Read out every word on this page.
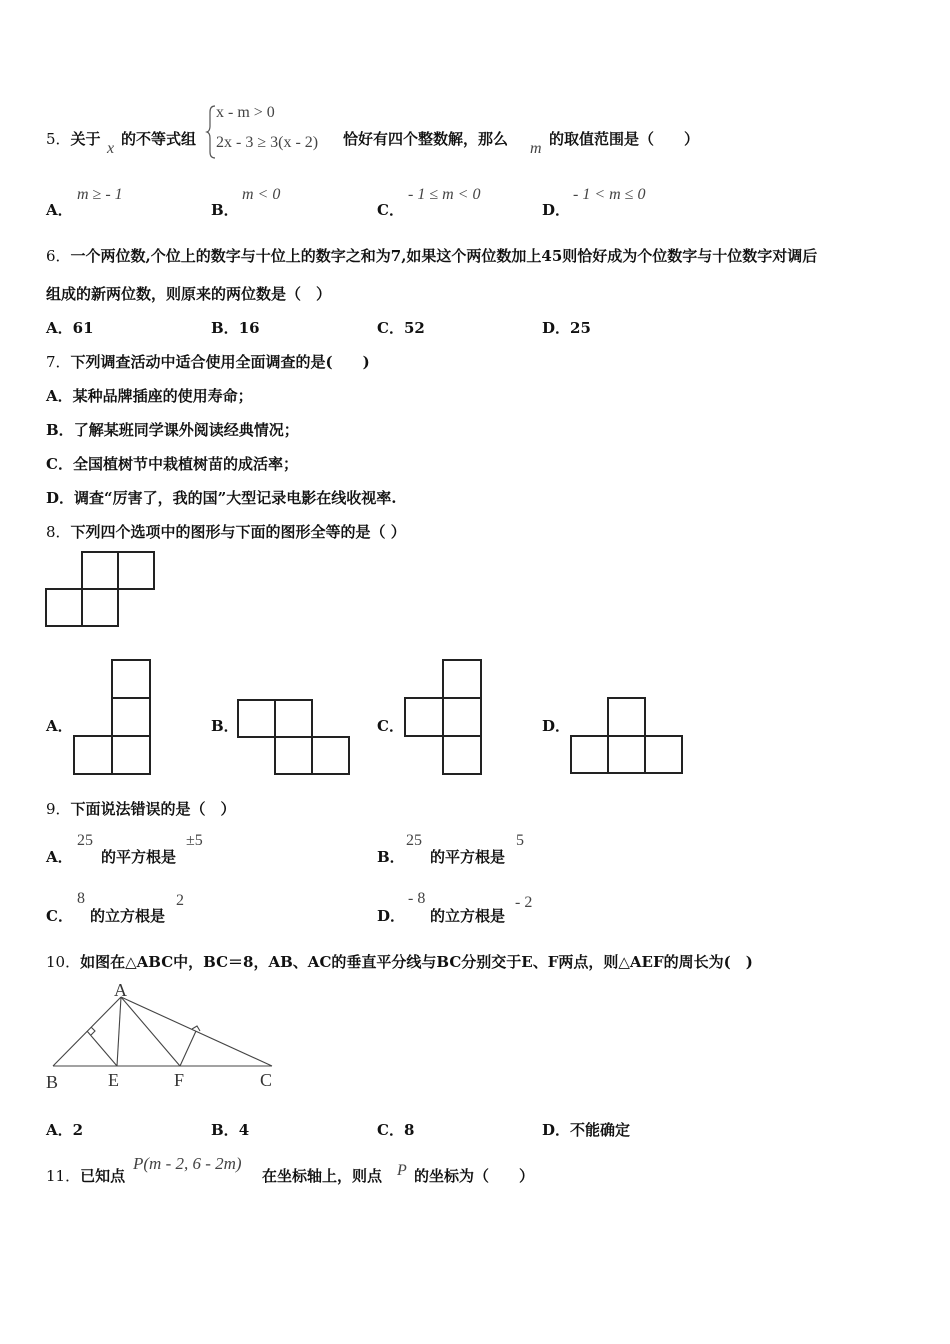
5．关于
x
的不等式组
x - m > 0
2x - 3 ≥ 3(x - 2) 恰好有四个整数解，那么
m
的取值范围是（　　）
A．
m ≥ - 1
B．
m < 0
C．
- 1 ≤ m < 0
D．
- 1 < m ≤ 0
6．一个两位数,个位上的数字与十位上的数字之和为7,如果这个两位数加上45则恰好成为个位数字与十位数字对调后
组成的新两位数，则原来的两位数是（　）
A．61	B．16	C．52	D．25
7．下列调查活动中适合使用全面调查的是(　　)
A．某种品牌插座的使用寿命；
B．了解某班同学课外阅读经典情况；
C．全国植树节中栽植树苗的成活率；
D．调查“厉害了，我的国”大型记录电影在线收视率.
8．下列四个选项中的图形与下面的图形全等的是（ ）
A．	B．	C．	D．
9．下面说法错误的是（　）
A．
25
的平方根是
±5
B．
25
的平方根是
5
C．
8
的立方根是
2
D．
- 8
的立方根是
- 2
10．如图在△ABC中，BC＝8，AB、AC的垂直平分线与BC分别交于E、F两点，则△AEF的周长为(　)
A
B	E	F	C
A．2	B．4	C．8	D．不能确定
11．已知点
P(m - 2, 6 - 2m)
在坐标轴上，则点 P 的坐标为（　　）
